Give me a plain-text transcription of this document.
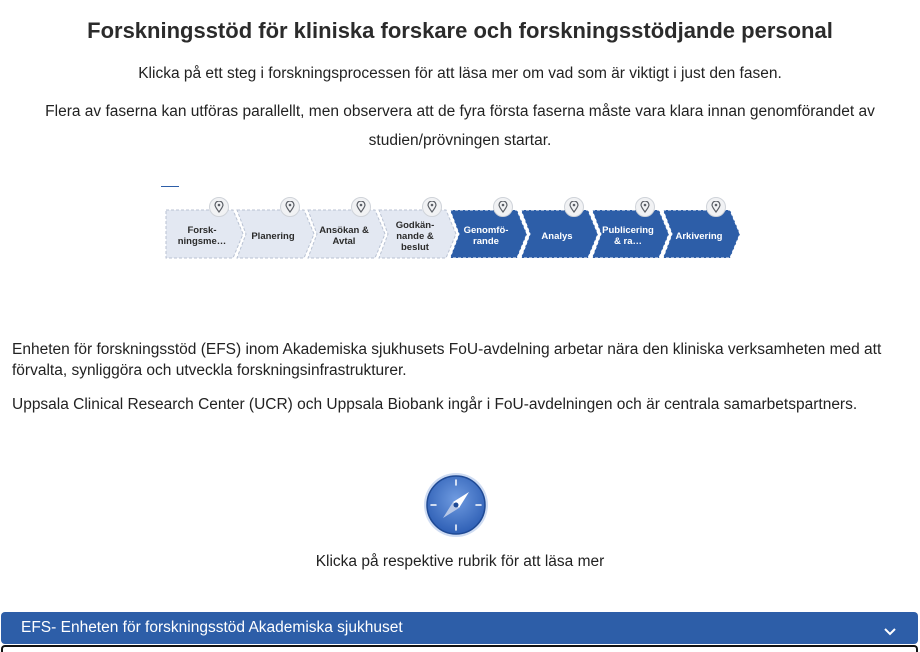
Forskningsstöd för kliniska forskare och forskningsstödjande personal

Klicka på ett steg i forskningsprocessen för att läsa mer om vad som är viktigt i just den fasen.

Flera av faserna kan utföras parallellt, men observera att de fyra första faserna måste vara klara innan genomförandet av studien/prövningen startar.

Forsk-
ningsme…	Planering	Ansökan &
Avtal
Godkän-
nande &
beslut
Genomfö-
rande	Analys	Publicering
& ra…	Arkivering

Enheten för forskningsstöd (EFS) inom Akademiska sjukhusets FoU-avdelning arbetar nära den kliniska verksamheten med att förvalta, synliggöra och utveckla forskningsinfrastrukturer.

Uppsala Clinical Research Center (UCR) och Uppsala Biobank ingår i FoU-avdelningen och är centrala samarbetspartners.

Klicka på respektive rubrik för att läsa mer

EFS- Enheten för forskningsstöd Akademiska sjukhuset
